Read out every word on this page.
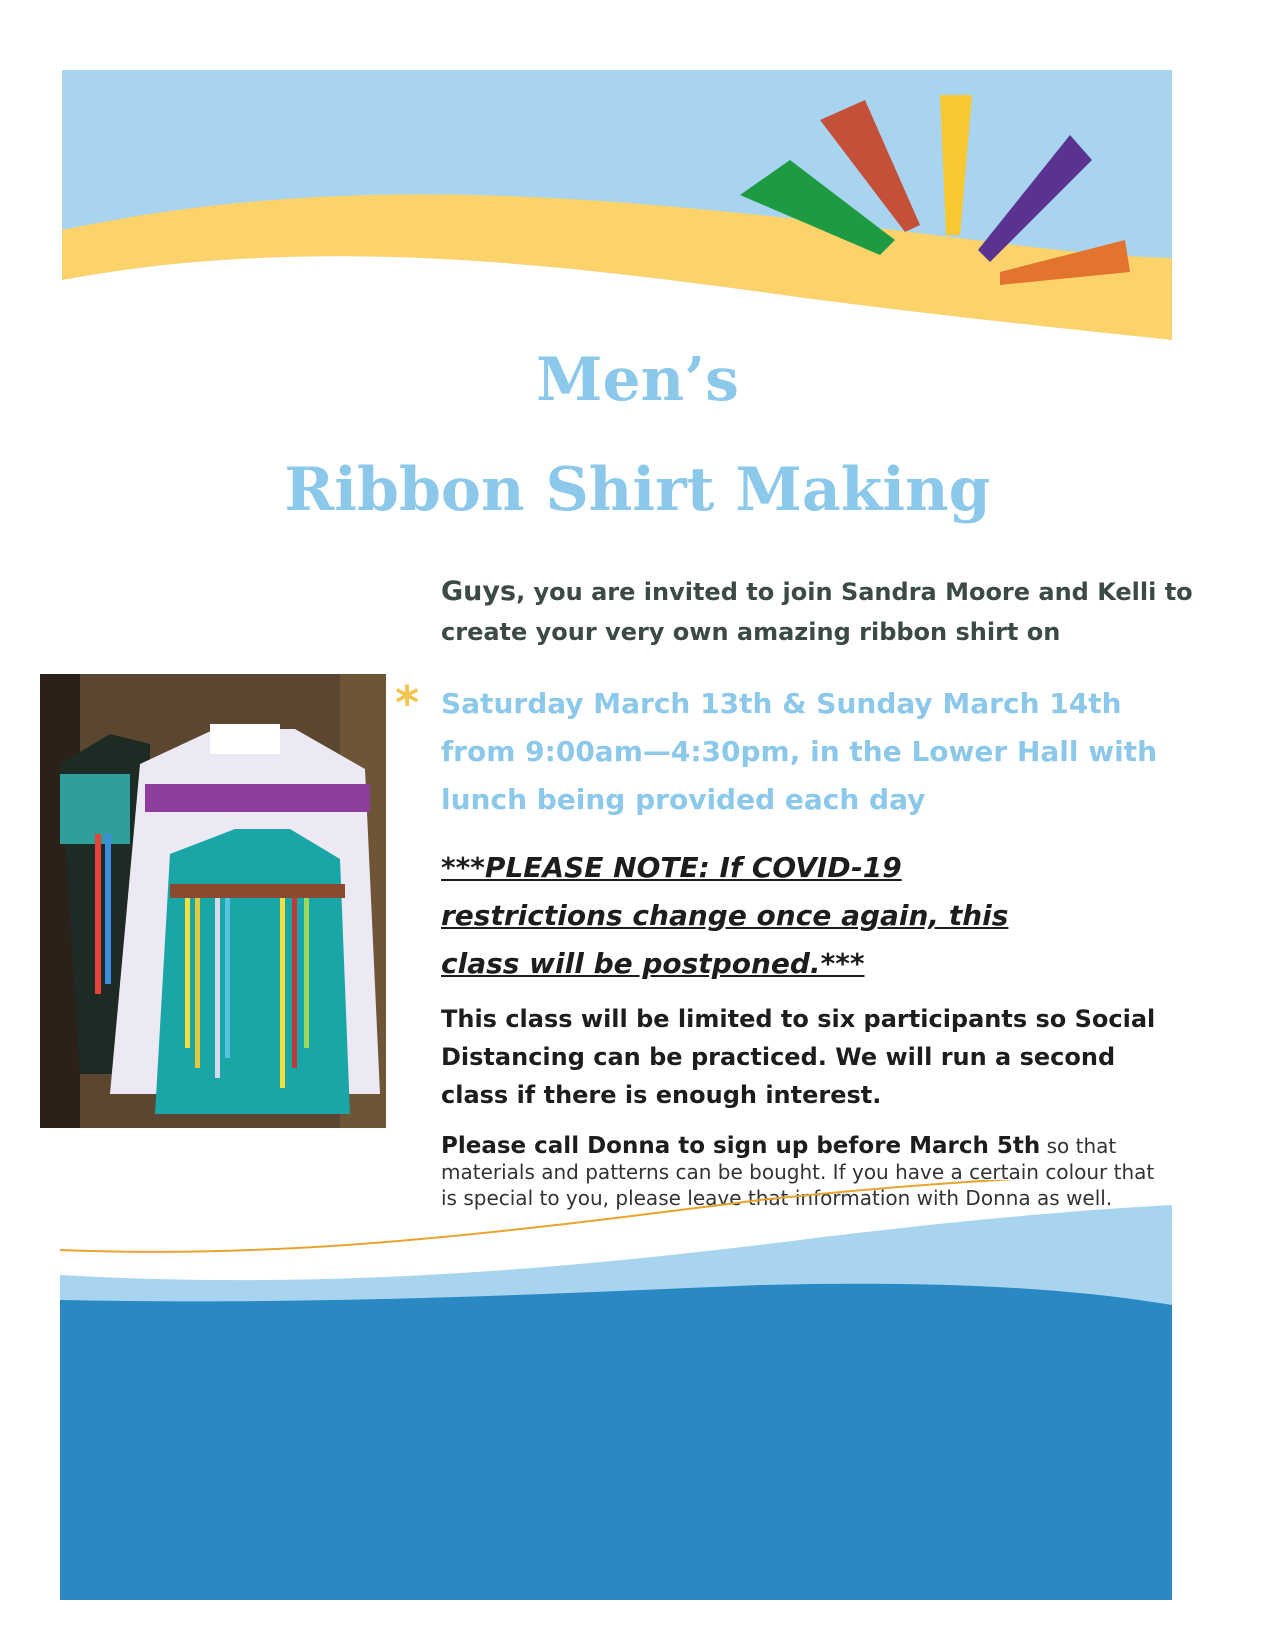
Men’s
Ribbon Shirt Making

Guys, you are invited to join Sandra Moore and Kelli to create your very own amazing ribbon shirt on

* Saturday March 13th & Sunday March 14th from 9:00am—4:30pm, in the Lower Hall with lunch being provided each day

***PLEASE NOTE: If COVID-19 restrictions change once again, this class will be postponed.***

This class will be limited to six participants so Social Distancing can be practiced. We will run a second class if there is enough interest.

Please call Donna to sign up before March 5th so that materials and patterns can be bought. If you have a certain colour that is special to you, please leave that information with Donna as well.
